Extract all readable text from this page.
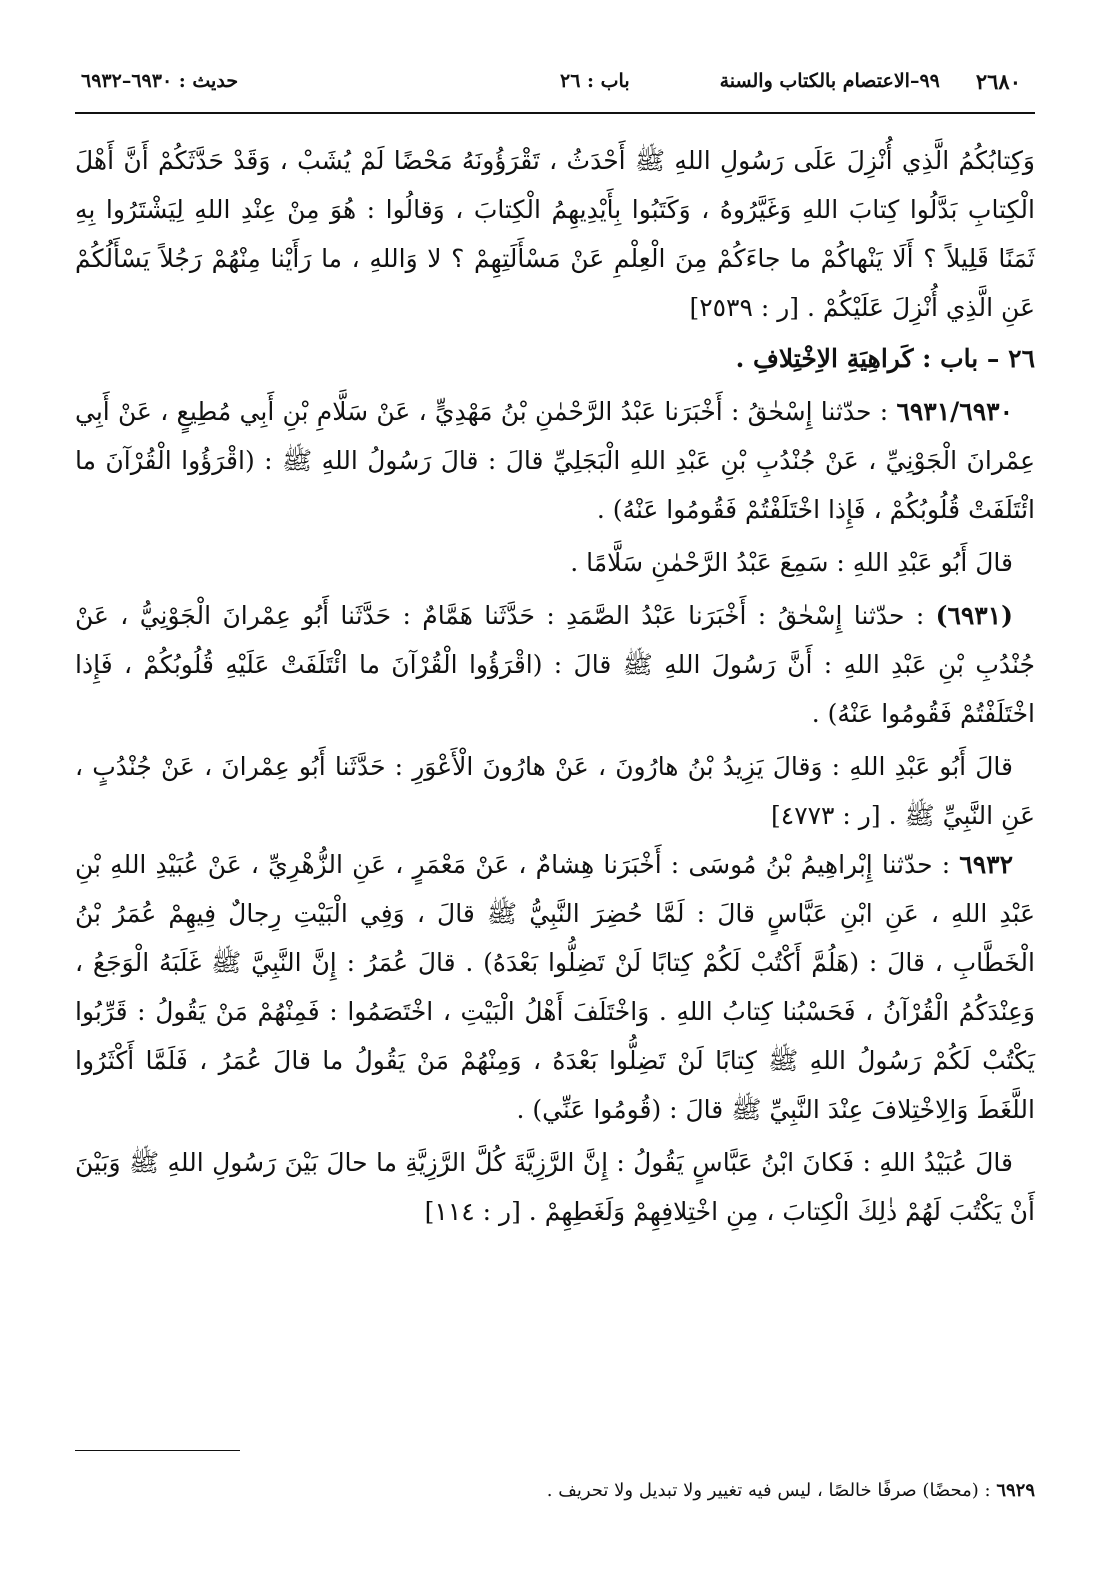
٢٦٨٠
٩٩–الاعتصام بالكتاب والسنة
باب : ٢٦
حديث : ٦٩٣٠–٦٩٣٢

وَكِتابُكُمُ الَّذِي أُنْزِلَ عَلَى رَسُولِ اللهِ ﷺ أَحْدَثُ ، تَقْرَؤُونَهُ مَحْضًا لَمْ يُشَبْ ، وَقَدْ حَدَّثَكُمْ أَنَّ أَهْلَ الْكِتابِ بَدَّلُوا كِتابَ اللهِ وَغَيَّرُوهُ ، وَكَتَبُوا بِأَيْدِيهِمُ الْكِتابَ ، وَقالُوا : هُوَ مِنْ عِنْدِ اللهِ لِيَشْتَرُوا بِهِ ثَمَنًا قَلِيلاً ؟ أَلَا يَنْهاكُمْ ما جاءَكُمْ مِنَ الْعِلْمِ عَنْ مَسْأَلَتِهِمْ ؟ لا وَاللهِ ، ما رَأَيْنا مِنْهُمْ رَجُلاً يَسْأَلُكُمْ عَنِ الَّذِي أُنْزِلَ عَلَيْكُمْ . [ر : ٢٥٣٩]

٢٦ – باب : كَراهِيَةِ الاِخْتِلافِ .

٦٩٣١/٦٩٣٠ : حدّثنا إِسْحٰقُ : أَخْبَرَنا عَبْدُ الرَّحْمٰنِ بْنُ مَهْدِيٍّ ، عَنْ سَلَّامِ بْنِ أَبِي مُطِيعٍ ، عَنْ أَبِي عِمْرانَ الْجَوْنِيِّ ، عَنْ جُنْدُبِ بْنِ عَبْدِ اللهِ الْبَجَلِيِّ قالَ : قالَ رَسُولُ اللهِ ﷺ : (اقْرَؤُوا الْقُرْآنَ ما ائْتَلَفَتْ قُلُوبُكُمْ ، فَإِذا اخْتَلَفْتُمْ فَقُومُوا عَنْهُ) .

قالَ أَبُو عَبْدِ اللهِ : سَمِعَ عَبْدُ الرَّحْمٰنِ سَلَّامًا .

(٦٩٣١) : حدّثنا إِسْحٰقُ : أَخْبَرَنا عَبْدُ الصَّمَدِ : حَدَّثَنا هَمَّامٌ : حَدَّثَنا أَبُو عِمْرانَ الْجَوْنِيُّ ، عَنْ جُنْدُبِ بْنِ عَبْدِ اللهِ : أَنَّ رَسُولَ اللهِ ﷺ قالَ : (اقْرَؤُوا الْقُرْآنَ ما ائْتَلَفَتْ عَلَيْهِ قُلُوبُكُمْ ، فَإِذا اخْتَلَفْتُمْ فَقُومُوا عَنْهُ) .

قالَ أَبُو عَبْدِ اللهِ : وَقالَ يَزِيدُ بْنُ هارُونَ ، عَنْ هارُونَ الْأَعْوَرِ : حَدَّثَنا أَبُو عِمْرانَ ، عَنْ جُنْدُبٍ ، عَنِ النَّبِيِّ ﷺ . [ر : ٤٧٧٣]

٦٩٣٢ : حدّثنا إِبْراهِيمُ بْنُ مُوسَى : أَخْبَرَنا هِشامٌ ، عَنْ مَعْمَرٍ ، عَنِ الزُّهْرِيِّ ، عَنْ عُبَيْدِ اللهِ بْنِ عَبْدِ اللهِ ، عَنِ ابْنِ عَبَّاسٍ قالَ : لَمَّا حُضِرَ النَّبِيُّ ﷺ قالَ ، وَفِي الْبَيْتِ رِجالٌ فِيهِمْ عُمَرُ بْنُ الْخَطَّابِ ، قالَ : (هَلُمَّ أَكْتُبْ لَكُمْ كِتابًا لَنْ تَضِلُّوا بَعْدَهُ) . قالَ عُمَرُ : إِنَّ النَّبِيَّ ﷺ غَلَبَهُ الْوَجَعُ ، وَعِنْدَكُمُ الْقُرْآنُ ، فَحَسْبُنا كِتابُ اللهِ . وَاخْتَلَفَ أَهْلُ الْبَيْتِ ، اخْتَصَمُوا : فَمِنْهُمْ مَنْ يَقُولُ : قَرِّبُوا يَكْتُبْ لَكُمْ رَسُولُ اللهِ ﷺ كِتابًا لَنْ تَضِلُّوا بَعْدَهُ ، وَمِنْهُمْ مَنْ يَقُولُ ما قالَ عُمَرُ ، فَلَمَّا أَكْثَرُوا اللَّغَطَ وَالِاخْتِلافَ عِنْدَ النَّبِيِّ ﷺ قالَ : (قُومُوا عَنِّي) .

قالَ عُبَيْدُ اللهِ : فَكانَ ابْنُ عَبَّاسٍ يَقُولُ : إِنَّ الرَّزِيَّةَ كُلَّ الرَّزِيَّةِ ما حالَ بَيْنَ رَسُولِ اللهِ ﷺ وَبَيْنَ أَنْ يَكْتُبَ لَهُمْ ذٰلِكَ الْكِتابَ ، مِنِ اخْتِلافِهِمْ وَلَغَطِهِمْ . [ر : ١١٤]

٦٩٢٩ : (محضًا) صرفًا خالصًا ، ليس فيه تغيير ولا تبديل ولا تحريف .
